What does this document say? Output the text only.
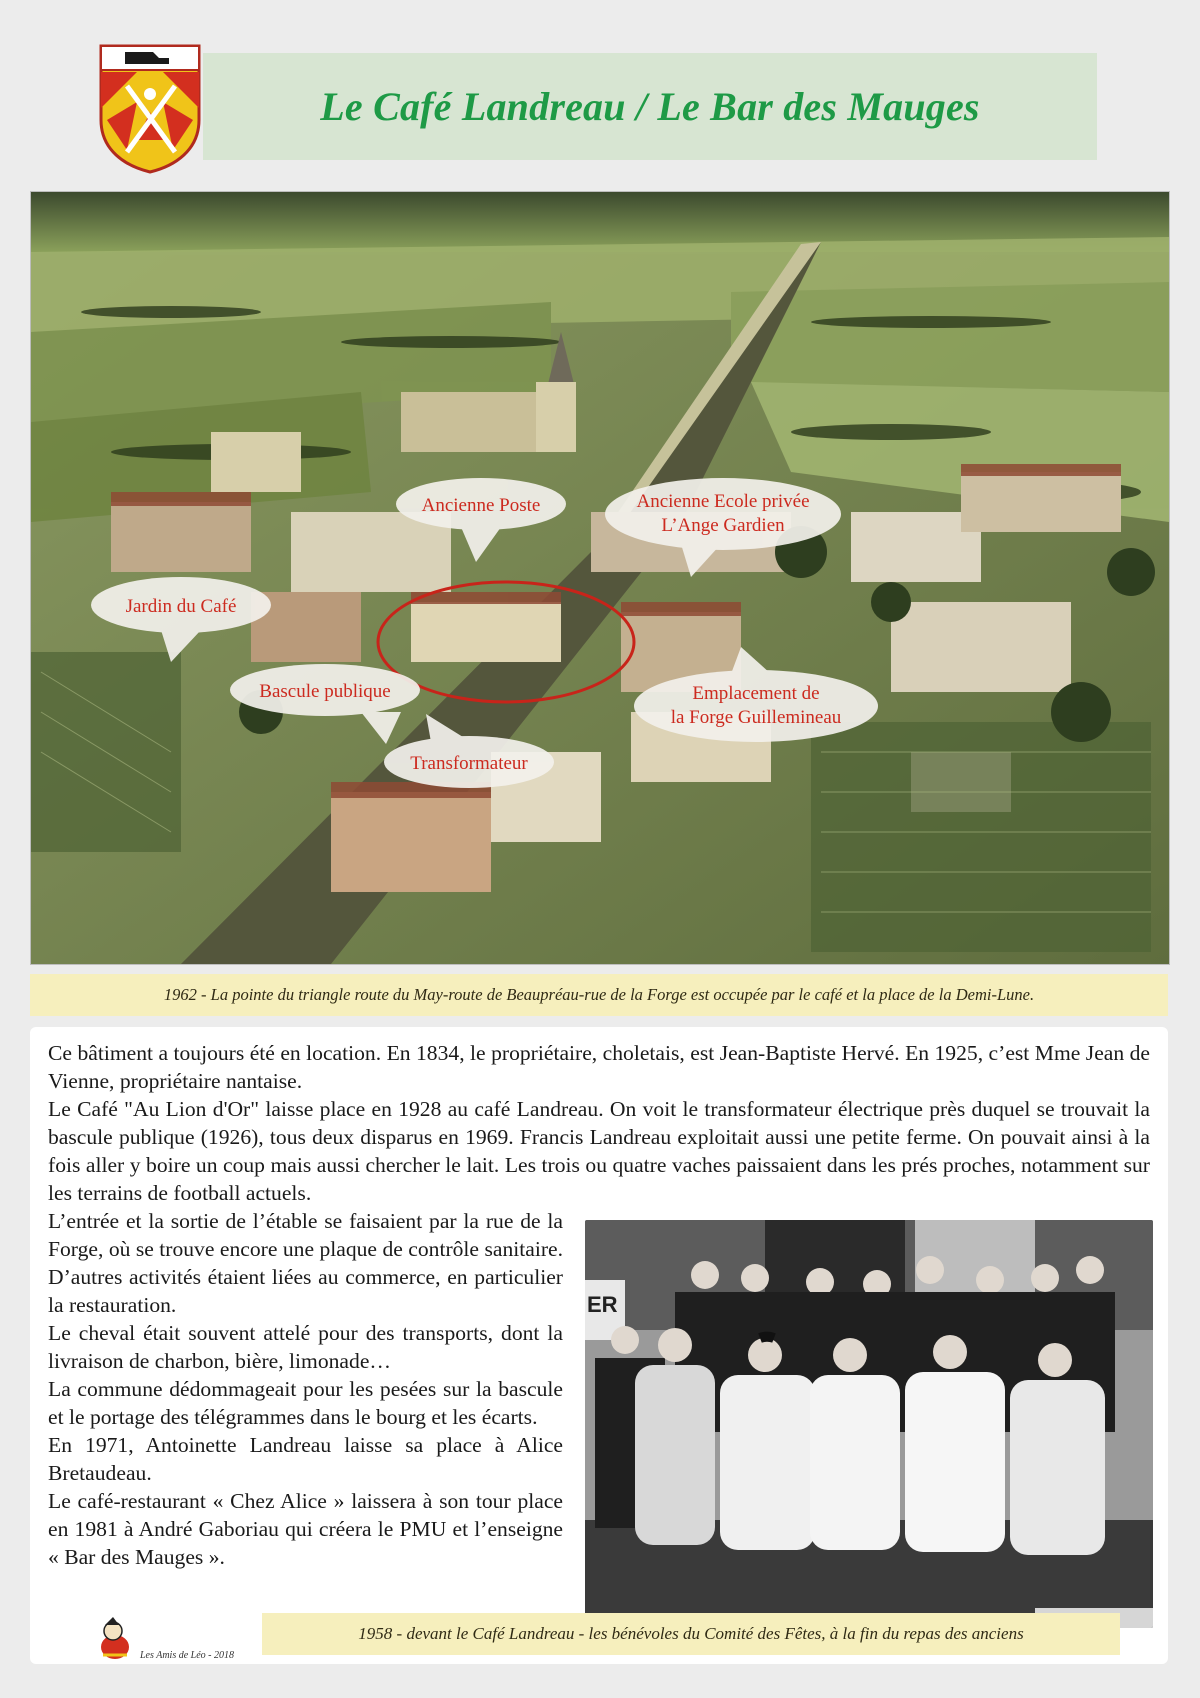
Le Café Landreau / Le Bar des Mauges
Ancienne Poste	Ancienne Ecole privée
L’Ange Gardien
Jardin du Café
Bascule publique	Emplacement de
la Forge Guillemineau
Transformateur
1962 - La pointe du triangle route du May-route de Beaupréau-rue de la Forge est occupée par le café et la place de la Demi-Lune.
Ce bâtiment a toujours été en location. En 1834, le propriétaire, choletais, est Jean-Baptiste Hervé. En 1925, c’est Mme Jean de Vienne, propriétaire nantaise.
Le Café "Au Lion d'Or" laisse place en 1928 au café Landreau. On voit le transformateur électrique près duquel se trouvait la bascule publique (1926), tous deux disparus en 1969. Francis Landreau exploitait aussi une petite ferme. On pouvait ainsi à la fois aller y boire un coup mais aussi chercher le lait. Les trois ou quatre vaches paissaient dans les prés proches, notamment sur les terrains de football actuels.
L’entrée et la sortie de l’étable se faisaient par la rue de la Forge, où se trouve encore une plaque de contrôle sanitaire. D’autres activités étaient liées au commerce, en particulier la restauration.
Le cheval était souvent attelé pour des transports, dont la livraison de charbon, bière, limonade…
La commune dédommageait pour les pesées sur la bascule et le portage des télégrammes dans le bourg et les écarts.
En 1971, Antoinette Landreau laisse sa place à Alice Bretaudeau.
Le café-restaurant « Chez Alice » laissera à son tour place en 1981 à André Gaboriau qui créera le PMU et l’enseigne « Bar des Mauges ».
ER
1958 - devant le Café Landreau - les bénévoles du Comité des Fêtes, à la fin du repas des anciens
Les Amis de Léo - 2018
